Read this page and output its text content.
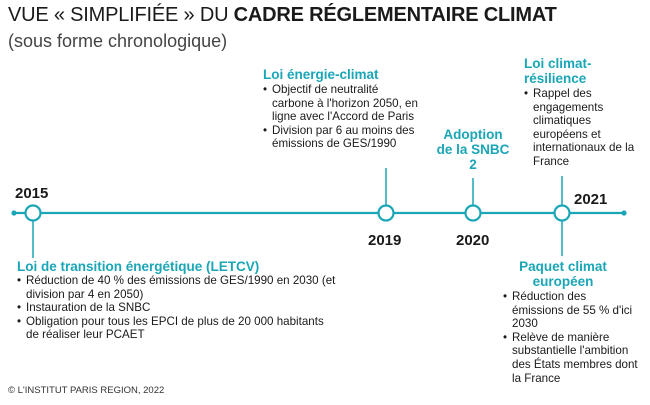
VUE « SIMPLIFIÉE » DU CADRE RÉGLEMENTAIRE CLIMAT
(sous forme chronologique)
2015
2019	2020
2021
Loi de transition énergétique (LETCV)
• Réduction de 40 % des émissions de GES/1990 en 2030 (et division par 4 en 2050)
• Instauration de la SNBC
• Obligation pour tous les EPCI de plus de 20 000 habitants de réaliser leur PCAET
Loi énergie-climat
• Objectif de neutralité carbone à l'horizon 2050, en ligne avec l'Accord de Paris
• Division par 6 au moins des émissions de GES/1990
Adoption de la SNBC 2
Loi climat-résilience
• Rappel des engagements climatiques européens et internationaux de la France
Paquet climat européen
• Réduction des émissions de 55 % d'ici 2030
• Relève de manière substantielle l'ambition des États membres dont la France
© L'INSTITUT PARIS REGION, 2022
